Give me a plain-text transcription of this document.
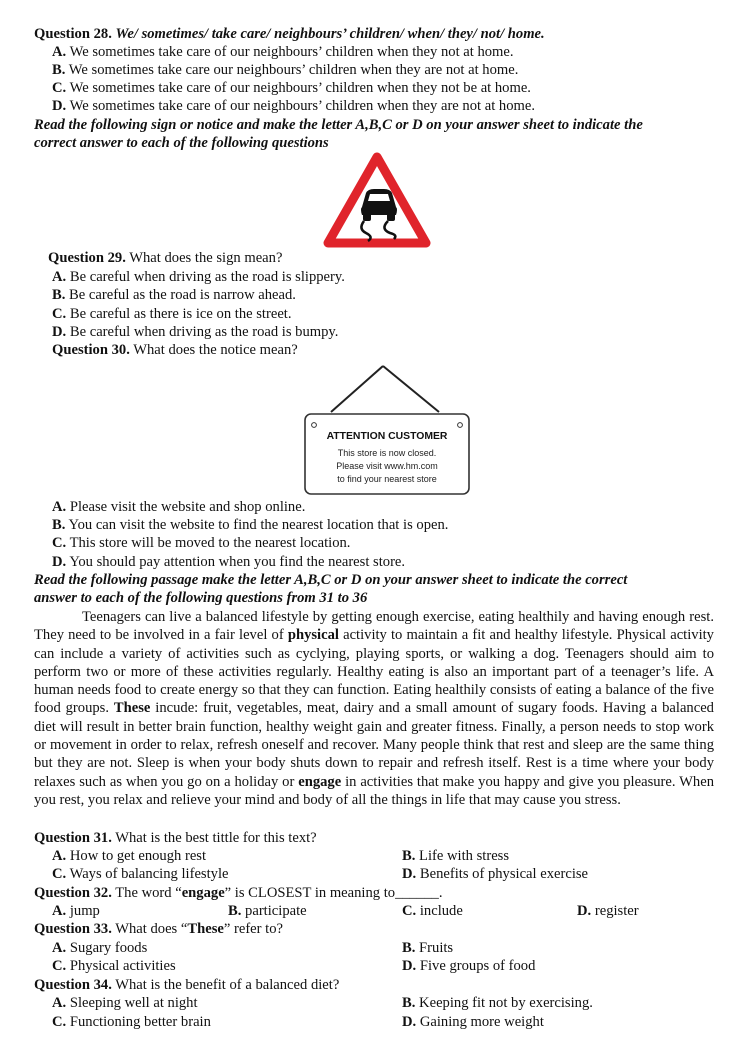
Question 28. We/ sometimes/ take care/ neighbours’ children/ when/ they/ not/ home.
A. We sometimes take care of our neighbours’ children when they not at home.
B. We sometimes take care our neighbours’ children when they are not at home.
C. We sometimes take care of our neighbours’ children when they not be at home.
D. We sometimes take care of our neighbours’ children when they are not at home.
Read the following sign or notice and make the letter A,B,C or D on your answer sheet to indicate the
correct answer to each of the following questions
Question 29. What does the sign mean?
A. Be careful when driving as the road is slippery.
B. Be careful as the road is narrow ahead.
C. Be careful as there is ice on the street.
D. Be careful when driving as the road is bumpy.
Question 30. What does the notice mean?
ATTENTION CUSTOMER
This store is now closed.
Please visit www.hm.com
to find your nearest store
A. Please visit the website and shop online.
B. You can visit the website to find the nearest location that is open.
C. This store will be moved to the nearest location.
D. You should pay attention when you find the nearest store.
Read the following passage make the letter A,B,C or D on your answer sheet to indicate the correct
answer to each of the following questions from 31 to 36
Teenagers can live a balanced lifestyle by getting enough exercise, eating healthily and having enough rest. They need to be involved in a fair level of physical activity to maintain a fit and healthy lifestyle. Physical activity can include a variety of activities such as cyclying, playing sports, or walking a dog. Teenagers should aim to perform two or more of these activities regularly. Healthy eating is also an important part of a teenager’s life. A human needs food to create energy so that they can function. Eating healthily consists of eating a balance of the five food groups. These incude: fruit, vegetables, meat, dairy and a small amount of sugary foods. Having a balanced diet will result in better brain function, healthy weight gain and greater fitness. Finally, a person needs to stop work or movement in order to relax, refresh oneself and recover. Many people think that rest and sleep are the same thing but they are not. Sleep is when your body shuts down to repair and refresh itself. Rest is a time where your body relaxes such as when you go on a holiday or engage in activities that make you happy and give you pleasure. When you rest, you relax and relieve your mind and body of all the things in life that may cause you stress.
Question 31. What is the best tittle for this text?
A. How to get enough rest	B. Life with stress
C. Ways of balancing lifestyle	D. Benefits of physical exercise
Question 32. The word “engage” is CLOSEST in meaning to______.
A. jump	B. participate	C. include	D. register
Question 33. What does “These” refer to?
A. Sugary foods	B. Fruits
C. Physical activities	D. Five groups of food
Question 34. What is the benefit of a balanced diet?
A. Sleeping well at night	B. Keeping fit not by exercising.
C. Functioning better brain	D. Gaining more weight
